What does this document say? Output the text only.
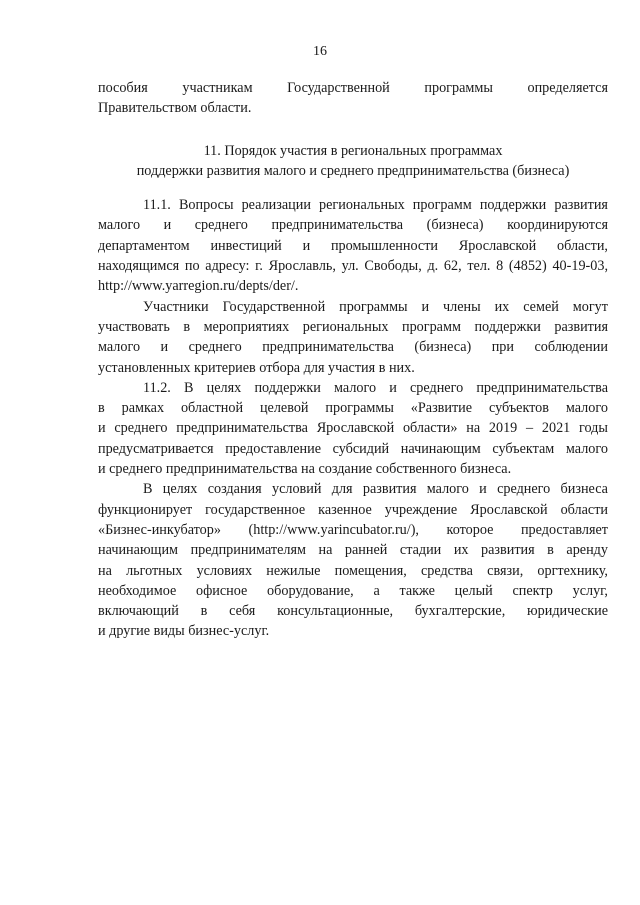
16
пособия участникам Государственной программы определяется
Правительством области.
11. Порядок участия в региональных программах
поддержки развития малого и среднего предпринимательства (бизнеса)
11.1. Вопросы реализации региональных программ поддержки развития
малого и среднего предпринимательства (бизнеса) координируются
департаментом инвестиций и промышленности Ярославской области,
находящимся по адресу: г. Ярославль, ул. Свободы, д. 62, тел. 8 (4852) 40-19-03,
http://www.yarregion.ru/depts/der/.
Участники Государственной программы и члены их семей могут
участвовать в мероприятиях региональных программ поддержки развития
малого и среднего предпринимательства (бизнеса) при соблюдении
установленных критериев отбора для участия в них.
11.2. В целях поддержки малого и среднего предпринимательства
в рамках областной целевой программы «Развитие субъектов малого
и среднего предпринимательства Ярославской области» на 2019 – 2021 годы
предусматривается предоставление субсидий начинающим субъектам малого
и среднего предпринимательства на создание собственного бизнеса.
В целях создания условий для развития малого и среднего бизнеса
функционирует государственное казенное учреждение Ярославской области
«Бизнес-инкубатор» (http://www.yarincubator.ru/), которое предоставляет
начинающим предпринимателям на ранней стадии их развития в аренду
на льготных условиях нежилые помещения, средства связи, оргтехнику,
необходимое офисное оборудование, а также целый спектр услуг,
включающий в себя консультационные, бухгалтерские, юридические
и другие виды бизнес-услуг.
